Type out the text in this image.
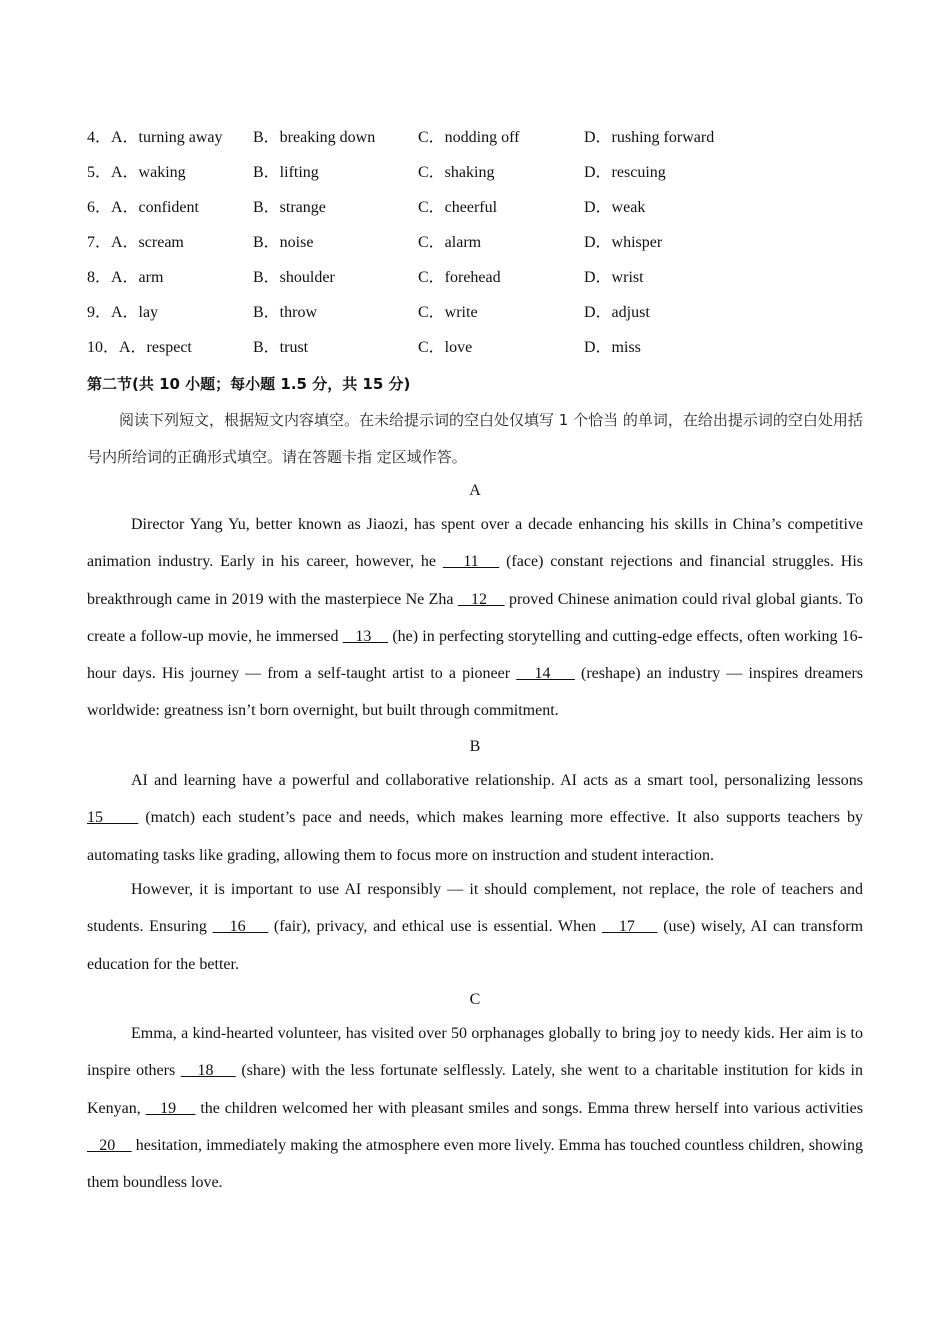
4．A．turning away B．breaking down	C．nodding off	D．rushing forward
5．A．waking	B．lifting	C．shaking	D．rescuing
6．A．confident	B．strange	C．cheerful	D．weak
7．A．scream	B．noise	C．alarm	D．whisper
8．A．arm	B．shoulder	C．forehead	D．wrist
9．A．lay	B．throw	C．write	D．adjust
10．A．respect	B．trust	C．love	D．miss
第二节(共 10 小题；每小题 1.5 分，共 15 分)
阅读下列短文，根据短文内容填空。在未给提示词的空白处仅填写 1 个恰当 的单词，在给出提示词的空白处用括号内所给词的正确形式填空。请在答题卡指 定区域作答。
A
Director Yang Yu, better known as Jiaozi, has spent over a decade enhancing his skills in China’s competitive animation industry. Early in his career, however, he    11    (face) constant rejections and financial struggles. His breakthrough came in 2019 with the masterpiece Ne Zha    12     proved Chinese animation could rival global giants. To create a follow-up movie, he immersed    13     (he) in perfecting storytelling and cutting-edge effects, often working 16-hour days. His journey — from a self-taught artist to a pioneer    14     (reshape) an industry — inspires dreamers worldwide: greatness isn’t born overnight, but built through commitment.
B
AI and learning have a powerful and collaborative relationship. AI acts as a smart tool, personalizing lessons 15      (match) each student’s pace and needs, which makes learning more effective. It also supports teachers by automating tasks like grading, allowing them to focus more on instruction and student interaction.
However, it is important to use AI responsibly — it should complement, not replace, the role of teachers and students. Ensuring    16     (fair), privacy, and ethical use is essential. When    17     (use) wisely, AI can transform education for the better.
C
Emma, a kind-hearted volunteer, has visited over 50 orphanages globally to bring joy to needy kids. Her aim is to inspire others    18     (share) with the less fortunate selflessly. Lately, she went to a charitable institution for kids in Kenyan,    19     the children welcomed her with pleasant smiles and songs. Emma threw herself into various activities    20     hesitation, immediately making the atmosphere even more lively. Emma has touched countless children, showing them boundless love.
